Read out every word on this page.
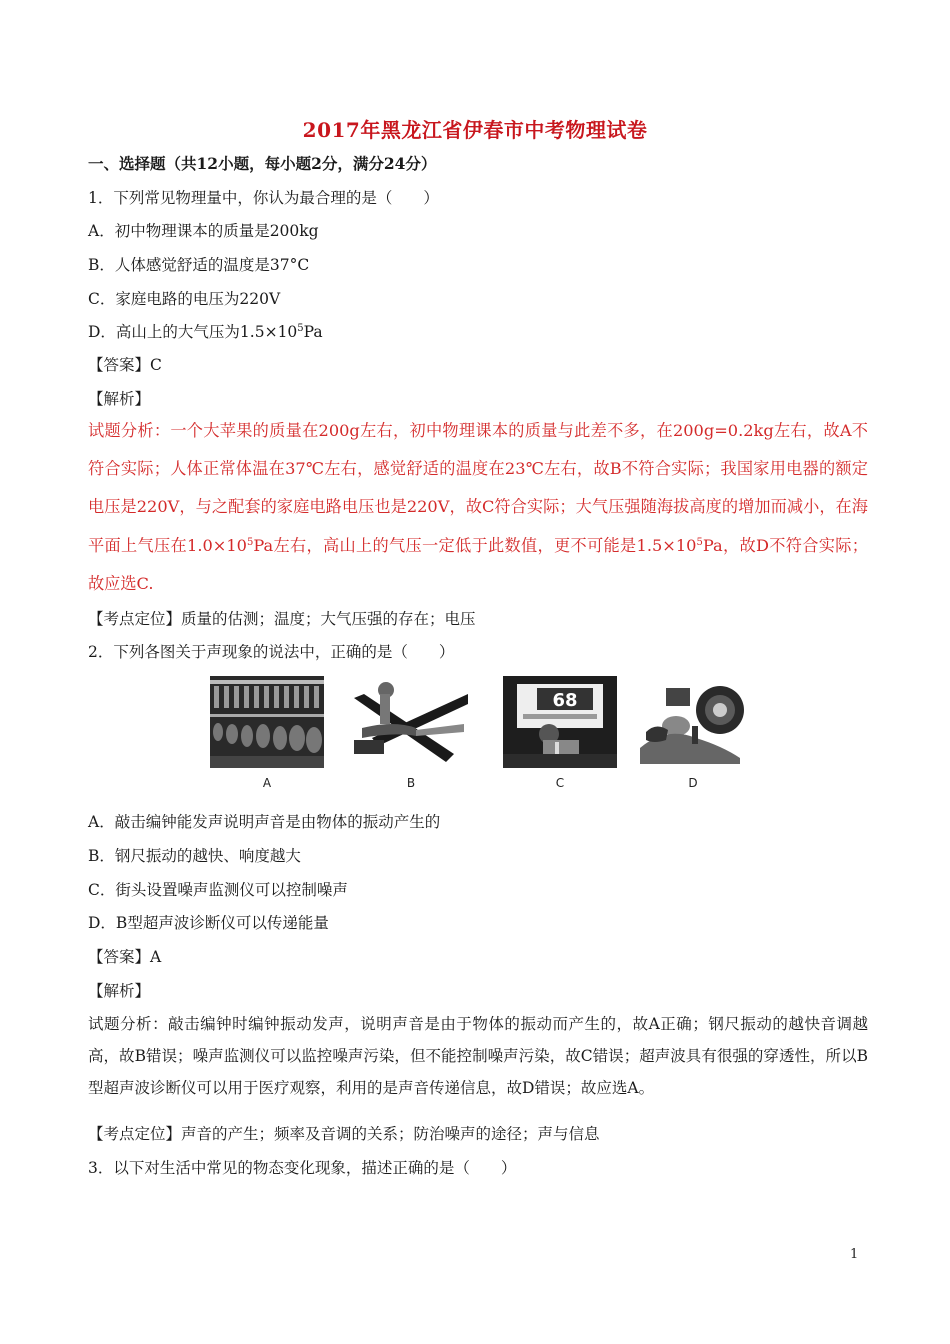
2017年黑龙江省伊春市中考物理试卷
一、选择题（共12小题，每小题2分，满分24分）
1．下列常见物理量中，你认为最合理的是（　　）
A．初中物理课本的质量是200kg
B．人体感觉舒适的温度是37°C
C．家庭电路的电压为220V
D．高山上的大气压为$1.5\times 10^5Pa$
【答案】C
【解析】
试题分析：一个大苹果的质量在200g左右，初中物理课本的质量与此差不多，在200g=0.2kg左右，故A不符合实际；人体正常体温在37℃左右，感觉舒适的温度在23℃左右，故B不符合实际；我国家用电器的额定电压是220V，与之配套的家庭电路电压也是220V，故C符合实际；大气压强随海拔高度的增加而减小，在海平面上气压在$1.0\times 10^5Pa$左右，高山上的气压一定低于此数值，更不可能是$1.5\times 10^5Pa$，故D不符合实际；故应选C.
【考点定位】质量的估测；温度；大气压强的存在；电压
2．下列各图关于声现象的说法中，正确的是（　　）
68
A	B	C	D
A．敲击编钟能发声说明声音是由物体的振动产生的
B．钢尺振动的越快、响度越大
C．街头设置噪声监测仪可以控制噪声
D．B型超声波诊断仪可以传递能量
【答案】A
【解析】
试题分析：敲击编钟时编钟振动发声，说明声音是由于物体的振动而产生的，故A正确；钢尺振动的越快音调越高，故B错误；噪声监测仪可以监控噪声污染，但不能控制噪声污染，故C错误；超声波具有很强的穿透性，所以B型超声波诊断仪可以用于医疗观察，利用的是声音传递信息，故D错误；故应选A。
【考点定位】声音的产生；频率及音调的关系；防治噪声的途径；声与信息
3．以下对生活中常见的物态变化现象，描述正确的是（　　）
1
